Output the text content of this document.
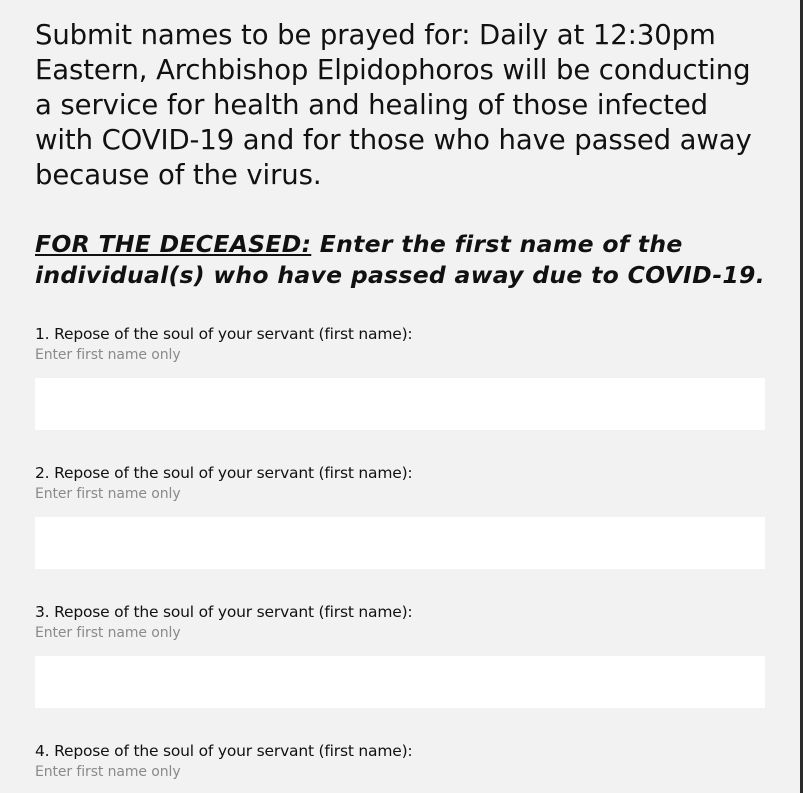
Submit names to be prayed for: Daily at 12:30pm Eastern, Archbishop Elpidophoros will be conducting a service for health and healing of those infected with COVID-19 and for those who have passed away because of the virus.

FOR THE DECEASED: Enter the first name of the individual(s) who have passed away due to COVID-19.

1. Repose of the soul of your servant (first name):
Enter first name only
2. Repose of the soul of your servant (first name):
Enter first name only
3. Repose of the soul of your servant (first name):
Enter first name only
4. Repose of the soul of your servant (first name):
Enter first name only
